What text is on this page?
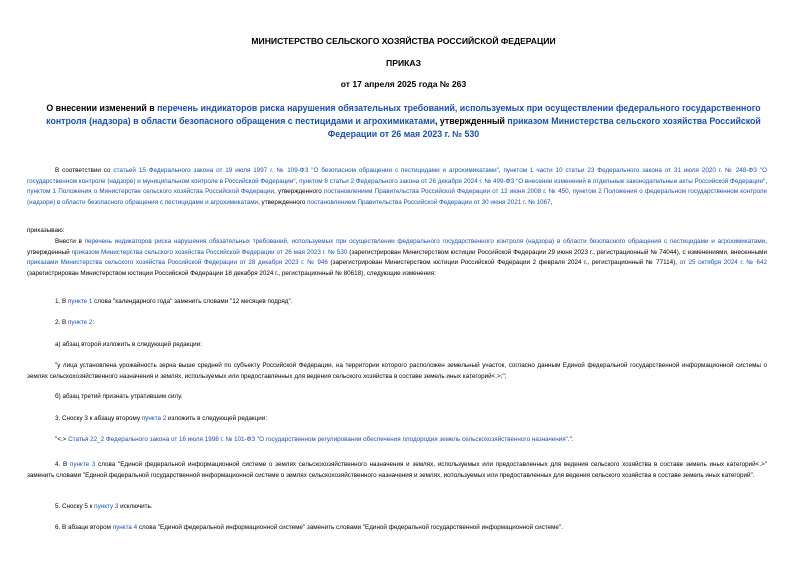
МИНИСТЕРСТВО СЕЛЬСКОГО ХОЗЯЙСТВА РОССИЙСКОЙ ФЕДЕРАЦИИ

ПРИКАЗ

от 17 апреля 2025 года № 263

О внесении изменений в перечень индикаторов риска нарушения обязательных требований, используемых при осуществлении федерального государственного контроля (надзора) в области безопасного обращения с пестицидами и агрохимикатами, утвержденный приказом Министерства сельского хозяйства Российской Федерации от 26 мая 2023 г. № 530

В соответствии со статьей 15 Федерального закона от 19 июля 1997 г. № 109-ФЗ "О безопасном обращении с пестицидами и агрохимикатами", пунктом 1 части 10 статьи 23 Федерального закона от 31 июля 2020 г. № 248-ФЗ "О государственном контроле (надзоре) и муниципальном контроле в Российской Федерации", пунктом 8 статьи 2 Федерального закона от 26 декабря 2024 г. № 499-ФЗ "О внесении изменений в отдельные законодательные акты Российской Федерации", пунктом 1 Положения о Министерстве сельского хозяйства Российской Федерации, утвержденного постановлением Правительства Российской Федерации от 12 июня 2008 г. № 450, пунктом 2 Положения о федеральном государственном контроле (надзоре) в области безопасного обращения с пестицидами и агрохимикатами, утвержденного постановлением Правительства Российской Федерации от 30 июня 2021 г. № 1067,

приказываю:

Внести в перечень индикаторов риска нарушения обязательных требований, используемых при осуществлении федерального государственного контроля (надзора) в области безопасного обращения с пестицидами и агрохимикатами, утвержденный приказом Министерства сельского хозяйства Российской Федерации от 26 мая 2023 г. № 530 (зарегистрирован Министерством юстиции Российской Федерации 29 июня 2023 г., регистрационный № 74044), с изменениями, внесенными приказами Министерства сельского хозяйства Российской Федерации от 28 декабря 2023 г. № 946 (зарегистрирован Министерством юстиции Российской Федерации 2 февраля 2024 г., регистрационный № 77114), от 25 октября 2024 г. № 642 (зарегистрирован Министерством юстиции Российской Федерации 18 декабря 2024 г., регистрационный № 80618), следующие изменения:

1. В пункте 1 слова "календарного года" заменить словами "12 месяцев подряд".

2. В пункте 2:

а) абзац второй изложить в следующей редакции:

"у лица установлена урожайность зерна выше средней по субъекту Российской Федерации, на территории которого расположен земельный участок, согласно данным Единой федеральной государственной информационной системы о землях сельскохозяйственного назначения и землях, используемых или предоставленных для ведения сельского хозяйства в составе земель иных категорий<.>;";

б) абзац третий признать утратившим силу.

3. Сноску 3 к абзацу второму пункта 2 изложить в следующей редакции:

"<.> Статья 22_2 Федерального закона от 16 июля 1998 г. № 101-ФЗ "О государственном регулировании обеспечения плодородия земель сельскохозяйственного назначения".".

4. В пункте 3 слова "Единой федеральной информационной системе о землях сельскохозяйственного назначения и землях, используемых или предоставленных для ведения сельского хозяйства в составе земель иных категорий<.>" заменить словами "Единой федеральной государственной информационной системе о землях сельскохозяйственного назначения и землях, используемых или предоставленных для ведения сельского хозяйства в составе земель иных категорий".

5. Сноску 5 к пункту 3 исключить.

6. В абзаце втором пункта 4 слова "Единой федеральной информационной системе" заменить словами "Единой федеральной государственной информационной системе".
